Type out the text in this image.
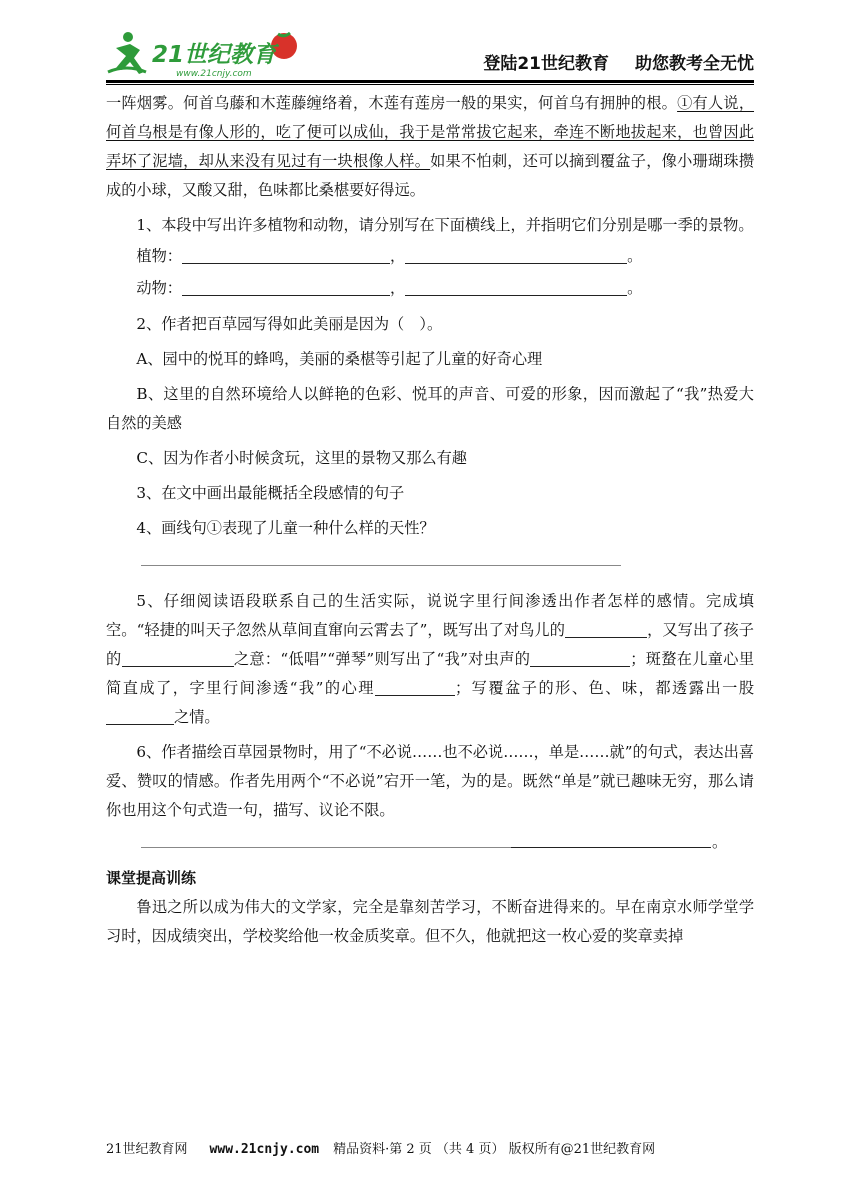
21世纪教育
www.21cnjy.com	登陆21世纪教育 助您教考全无忧

一阵烟雾。何首乌藤和木莲藤缠络着，木莲有莲房一般的果实，何首乌有拥肿的根。①有人说，何首乌根是有像人形的，吃了便可以成仙，我于是常常拔它起来，牵连不断地拔起来，也曾因此弄坏了泥墙，却从来没有见过有一块根像人样。如果不怕刺，还可以摘到覆盆子，像小珊瑚珠攒成的小球，又酸又甜，色味都比桑椹要好得远。

1、本段中写出许多植物和动物，请分别写在下面横线上，并指明它们分别是哪一季的景物。

植物：	，	。

动物：	，	。

2、作者把百草园写得如此美丽是因为（　）。

A、园中的悦耳的蜂鸣，美丽的桑椹等引起了儿童的好奇心理

B、这里的自然环境给人以鲜艳的色彩、悦耳的声音、可爱的形象，因而激起了“我”热爱大自然的美感

C、因为作者小时候贪玩，这里的景物又那么有趣

3、在文中画出最能概括全段感情的句子

4、画线句①表现了儿童一种什么样的天性？

5、仔细阅读语段联系自己的生活实际，说说字里行间渗透出作者怎样的感情。完成填空。“轻捷的叫天子忽然从草间直窜向云霄去了”，既写出了对鸟儿的	，又写出了孩子的	之意：“低唱”“弹琴”则写出了“我”对虫声的	；斑蝥在儿童心里简直成了，字里行间渗透“我”的心理	；写覆盆子的形、色、味，都透露出一股之情。

6、作者描绘百草园景物时，用了“不必说……也不必说……，单是……就”的句式，表达出喜爱、赞叹的情感。作者先用两个“不必说”宕开一笔，为的是。既然“单是”就已趣味无穷，那么请你也用这个句式造一句，描写、议论不限。

。
课堂提高训练

鲁迅之所以成为伟大的文学家，完全是靠刻苦学习，不断奋进得来的。早在南京水师学堂学习时，因成绩突出，学校奖给他一枚金质奖章。但不久，他就把这一枚心爱的奖章卖掉

21世纪教育网 www.21cnjy.com 精品资料·第 2 页 （共 4 页） 版权所有@21世纪教育网
